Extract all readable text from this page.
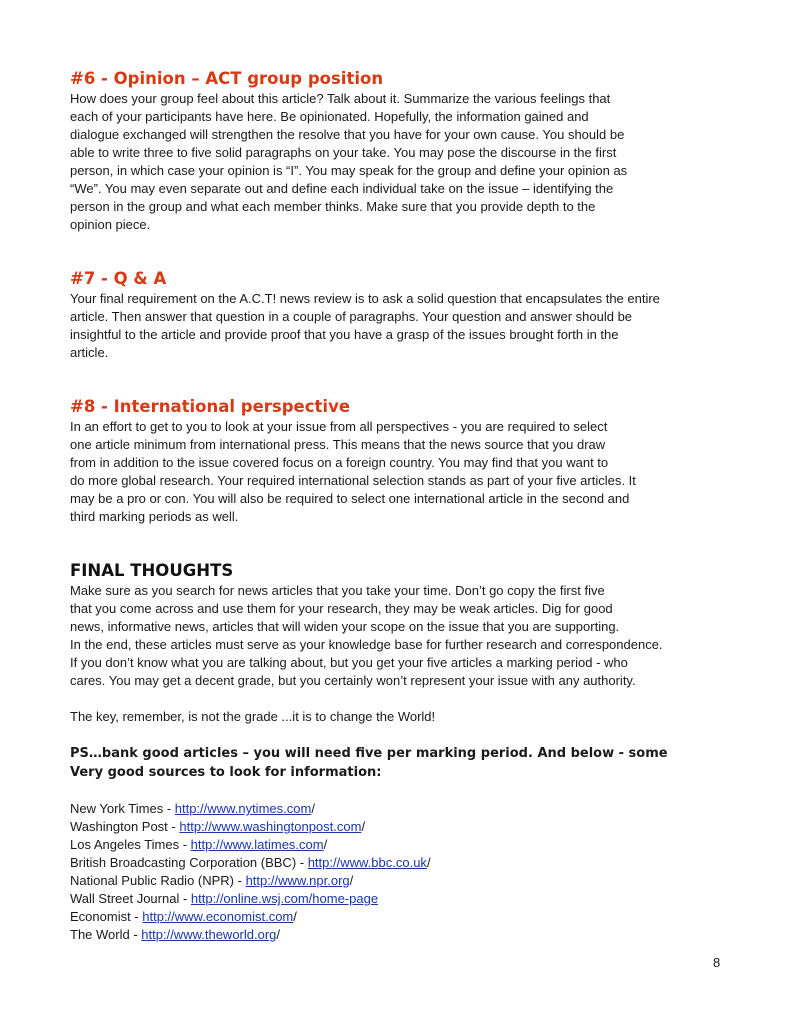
#6 - Opinion – ACT group position

How does your group feel about this article? Talk about it. Summarize the various feelings that
each of your participants have here. Be opinionated. Hopefully, the information gained and
dialogue exchanged will strengthen the resolve that you have for your own cause. You should be
able to write three to five solid paragraphs on your take. You may pose the discourse in the first
person, in which case your opinion is “I”. You may speak for the group and define your opinion as
“We”. You may even separate out and define each individual take on the issue – identifying the
person in the group and what each member thinks. Make sure that you provide depth to the
opinion piece.

#7 - Q & A

Your final requirement on the A.C.T! news review is to ask a solid question that encapsulates the entire
article. Then answer that question in a couple of paragraphs. Your question and answer should be
insightful to the article and provide proof that you have a grasp of the issues brought forth in the
article.

#8 - International perspective

In an effort to get to you to look at your issue from all perspectives - you are required to select
one article minimum from international press. This means that the news source that you draw
from in addition to the issue covered focus on a foreign country. You may find that you want to
do more global research. Your required international selection stands as part of your five articles. It
may be a pro or con. You will also be required to select one international article in the second and
third marking periods as well.

FINAL THOUGHTS

Make sure as you search for news articles that you take your time. Don’t go copy the first five
that you come across and use them for your research, they may be weak articles. Dig for good
news, informative news, articles that will widen your scope on the issue that you are supporting.
In the end, these articles must serve as your knowledge base for further research and correspondence.
If you don’t know what you are talking about, but you get your five articles a marking period - who
cares. You may get a decent grade, but you certainly won’t represent your issue with any authority.

The key, remember, is not the grade ...it is to change the World!

PS…bank good articles – you will need five per marking period. And below - some
Very good sources to look for information:

New York Times - http://www.nytimes.com/
Washington Post - http://www.washingtonpost.com/
Los Angeles Times - http://www.latimes.com/
British Broadcasting Corporation (BBC) - http://www.bbc.co.uk/
National Public Radio (NPR) - http://www.npr.org/
Wall Street Journal - http://online.wsj.com/home-page
Economist - http://www.economist.com/
The World - http://www.theworld.org/
8
